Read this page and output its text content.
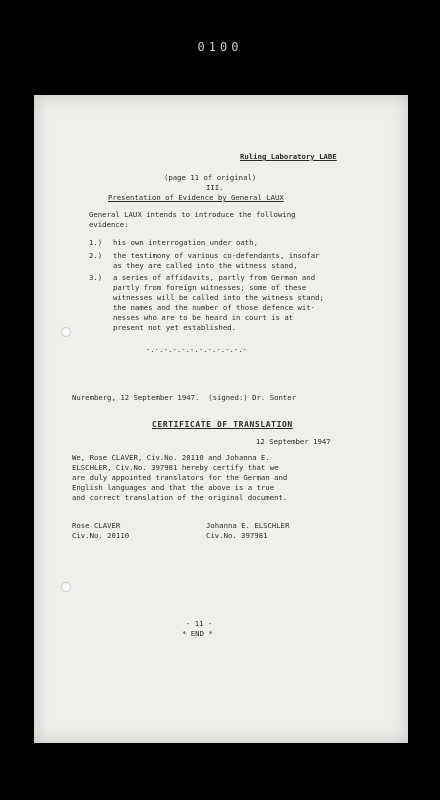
0100
Ruling Laboratory LABE
(page 11 of original)
III.
Presentation of Evidence by General LAUX
General LAUX intends to introduce the following
evidence:
1.) his own interrogation under oath,
2.) the testimony of various co-defendants, insofar
as they are called into the witness stand,
3.) a series of affidavits, partly from German and
partly from foreign witnesses; some of these
witnesses will be called into the witness stand;
the names and the number of those defence wit-
nesses who are to be heard in court is at
present not yet established.
-.-.-.-.-.-.-.-.-.-.-.-
Nuremberg, 12 September 1947.  (signed:) Dr. Sonter
CERTIFICATE OF TRANSLATION
12 September 1947
We, Rose CLAVER, Civ.No. 20110 and Johanna E.
ELSCHLER, Civ.No. 397981 hereby certify that we
are duly appointed translators for the German and
English languages and that the above is a true
and correct translation of the original document.
Rose CLAVER
Civ.No. 20110
Johanna E. ELSCHLER
Civ.No. 397981
- 11 -
* END *
